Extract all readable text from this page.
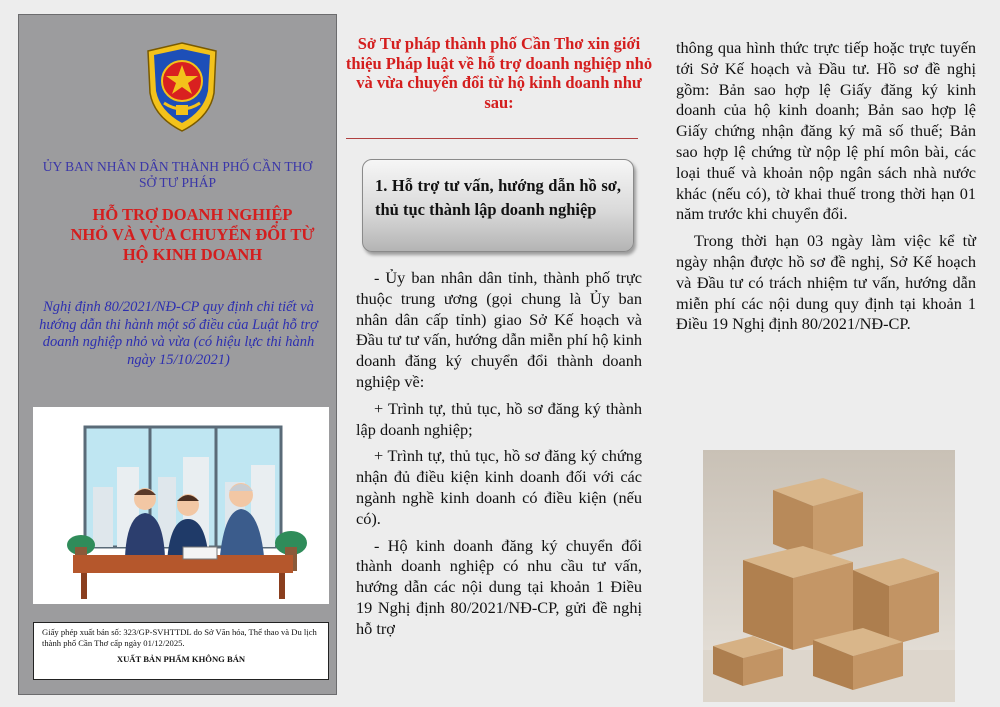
ỦY BAN NHÂN DÂN THÀNH PHỐ CẦN THƠ
SỞ TƯ PHÁP
HỖ TRỢ DOANH NGHIỆP
NHỎ VÀ VỪA CHUYỂN ĐỔI TỪ
HỘ KINH DOANH
Nghị định 80/2021/NĐ-CP quy định chi tiết và hướng dẫn thi hành một số điều của Luật hỗ trợ doanh nghiệp nhỏ và vừa (có hiệu lực thi hành ngày 15/10/2021)
Giấy phép xuất bản số: 323/GP-SVHTTDL do Sở Văn hóa, Thể thao và Du lịch thành phố Cần Thơ cấp ngày 01/12/2025.
XUẤT BẢN PHẨM KHÔNG BÁN
Sở Tư pháp thành phố Cần Thơ xin giới thiệu Pháp luật về hỗ trợ doanh nghiệp nhỏ và vừa chuyển đổi từ hộ kinh doanh như sau:
1. Hỗ trợ tư vấn, hướng dẫn hồ sơ, thủ tục thành lập doanh nghiệp

- Ủy ban nhân dân tỉnh, thành phố trực thuộc trung ương (gọi chung là Ủy ban nhân dân cấp tỉnh) giao Sở Kế hoạch và Đầu tư tư vấn, hướng dẫn miễn phí hộ kinh doanh đăng ký chuyển đổi thành doanh nghiệp về:

+ Trình tự, thủ tục, hồ sơ đăng ký thành lập doanh nghiệp;

+ Trình tự, thủ tục, hồ sơ đăng ký chứng nhận đủ điều kiện kinh doanh đối với các ngành nghề kinh doanh có điều kiện (nếu có).

- Hộ kinh doanh đăng ký chuyển đổi thành doanh nghiệp có nhu cầu tư vấn, hướng dẫn các nội dung tại khoản 1 Điều 19 Nghị định 80/2021/NĐ-CP, gửi đề nghị hỗ trợ

thông qua hình thức trực tiếp hoặc trực tuyến tới Sở Kế hoạch và Đầu tư. Hồ sơ đề nghị gồm: Bản sao hợp lệ Giấy đăng ký kinh doanh của hộ kinh doanh; Bản sao hợp lệ Giấy chứng nhận đăng ký mã số thuế; Bản sao hợp lệ chứng từ nộp lệ phí môn bài, các loại thuế và khoản nộp ngân sách nhà nước khác (nếu có), tờ khai thuế trong thời hạn 01 năm trước khi chuyển đổi.

Trong thời hạn 03 ngày làm việc kể từ ngày nhận được hồ sơ đề nghị, Sở Kế hoạch và Đầu tư có trách nhiệm tư vấn, hướng dẫn miễn phí các nội dung quy định tại khoản 1 Điều 19 Nghị định 80/2021/NĐ-CP.
